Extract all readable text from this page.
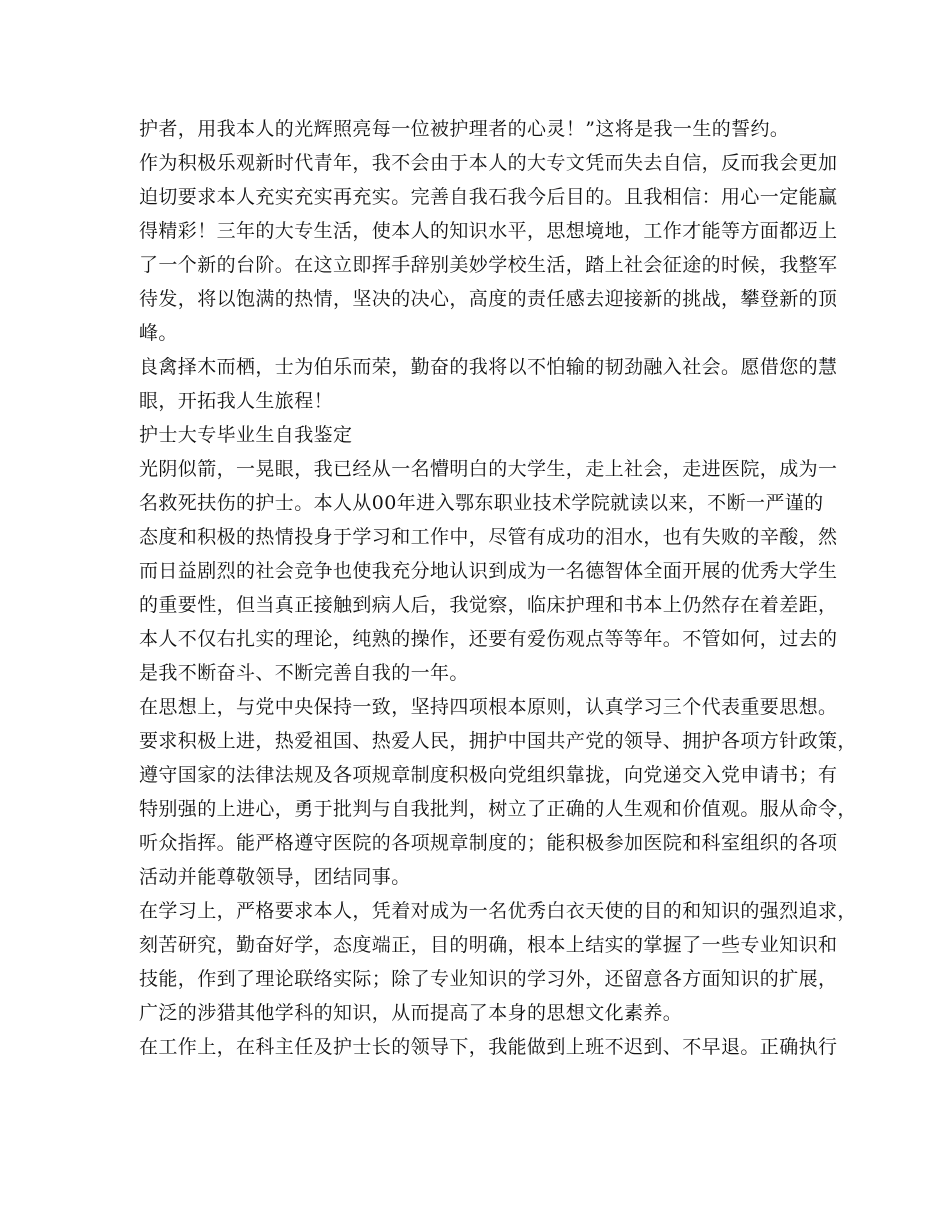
护者，用我本人的光辉照亮每一位被护理者的心灵！”这将是我一生的誓约。
作为积极乐观新时代青年，我不会由于本人的大专文凭而失去自信，反而我会更加
迫切要求本人充实充实再充实。完善自我石我今后目的。且我相信：用心一定能赢
得精彩！三年的大专生活，使本人的知识水平，思想境地，工作才能等方面都迈上
了一个新的台阶。在这立即挥手辞别美妙学校生活，踏上社会征途的时候，我整军
待发，将以饱满的热情，坚决的决心，高度的责任感去迎接新的挑战，攀登新的顶
峰。
良禽择木而栖，士为伯乐而荣，勤奋的我将以不怕输的韧劲融入社会。愿借您的慧
眼，开拓我人生旅程！
护士大专毕业生自我鉴定
光阴似箭，一晃眼，我已经从一名懵明白的大学生，走上社会，走进医院，成为一
名救死扶伤的护士。本人从00年进入鄂东职业技术学院就读以来，不断一严谨的
态度和积极的热情投身于学习和工作中，尽管有成功的泪水，也有失败的辛酸，然
而日益剧烈的社会竞争也使我充分地认识到成为一名德智体全面开展的优秀大学生
的重要性，但当真正接触到病人后，我觉察，临床护理和书本上仍然存在着差距，
本人不仅右扎实的理论，纯熟的操作，还要有爱伤观点等等年。不管如何，过去的
是我不断奋斗、不断完善自我的一年。
在思想上，与党中央保持一致，坚持四项根本原则，认真学习三个代表重要思想。
要求积极上进，热爱祖国、热爱人民，拥护中国共产党的领导、拥护各项方针政策，
遵守国家的法律法规及各项规章制度积极向党组织靠拢，向党递交入党申请书；有
特别强的上进心，勇于批判与自我批判，树立了正确的人生观和价值观。服从命令，
听众指挥。能严格遵守医院的各项规章制度的；能积极参加医院和科室组织的各项
活动并能尊敬领导，团结同事。
在学习上，严格要求本人，凭着对成为一名优秀白衣天使的目的和知识的强烈追求，
刻苦研究，勤奋好学，态度端正，目的明确，根本上结实的掌握了一些专业知识和
技能，作到了理论联络实际；除了专业知识的学习外，还留意各方面知识的扩展，
广泛的涉猎其他学科的知识，从而提高了本身的思想文化素养。
在工作上，在科主任及护士长的领导下，我能做到上班不迟到、不早退。正确执行
